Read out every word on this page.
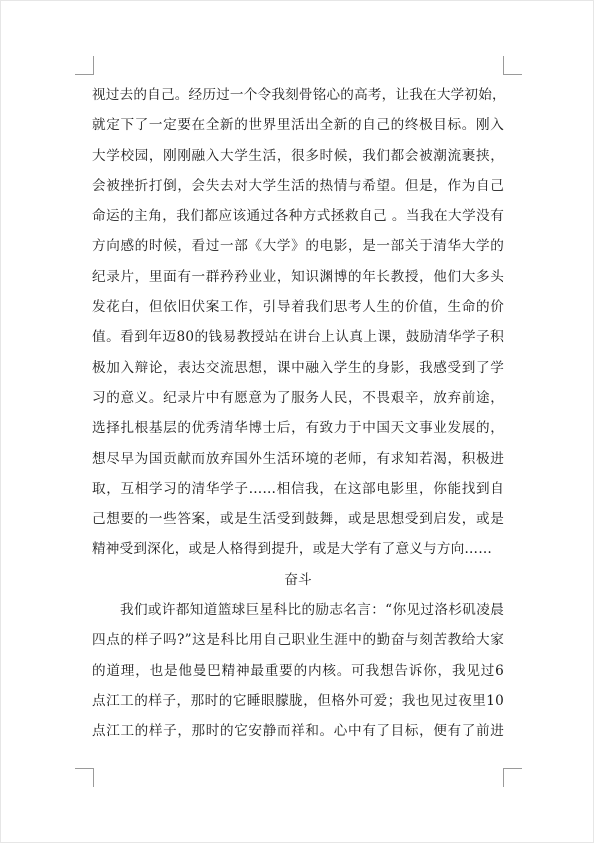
视过去的自己。经历过一个令我刻骨铭心的高考，让我在大学初始，
就定下了一定要在全新的世界里活出全新的自己的终极目标。刚入
大学校园，刚刚融入大学生活，很多时候，我们都会被潮流裹挟，
会被挫折打倒，会失去对大学生活的热情与希望。但是，作为自己
命运的主角，我们都应该通过各种方式拯救自己 。当我在大学没有
方向感的时候，看过一部《大学》的电影，是一部关于清华大学的
纪录片，里面有一群矜矜业业，知识渊博的年长教授，他们大多头
发花白，但依旧伏案工作，引导着我们思考人生的价值，生命的价
值。看到年迈80的钱易教授站在讲台上认真上课，鼓励清华学子积
极加入辩论，表达交流思想，课中融入学生的身影，我感受到了学
习的意义。纪录片中有愿意为了服务人民，不畏艰辛，放弃前途，
选择扎根基层的优秀清华博士后，有致力于中国天文事业发展的，
想尽早为国贡献而放弃国外生活环境的老师，有求知若渴，积极进
取，互相学习的清华学子……相信我，在这部电影里，你能找到自
己想要的一些答案，或是生活受到鼓舞，或是思想受到启发，或是
精神受到深化，或是人格得到提升，或是大学有了意义与方向……
奋斗
我们或许都知道篮球巨星科比的励志名言：“你见过洛杉矶凌晨
四点的样子吗?”这是科比用自己职业生涯中的勤奋与刻苦教给大家
的道理，也是他曼巴精神最重要的内核。可我想告诉你，我见过6
点江工的样子，那时的它睡眼朦胧，但格外可爱；我也见过夜里10
点江工的样子，那时的它安静而祥和。心中有了目标，便有了前进
